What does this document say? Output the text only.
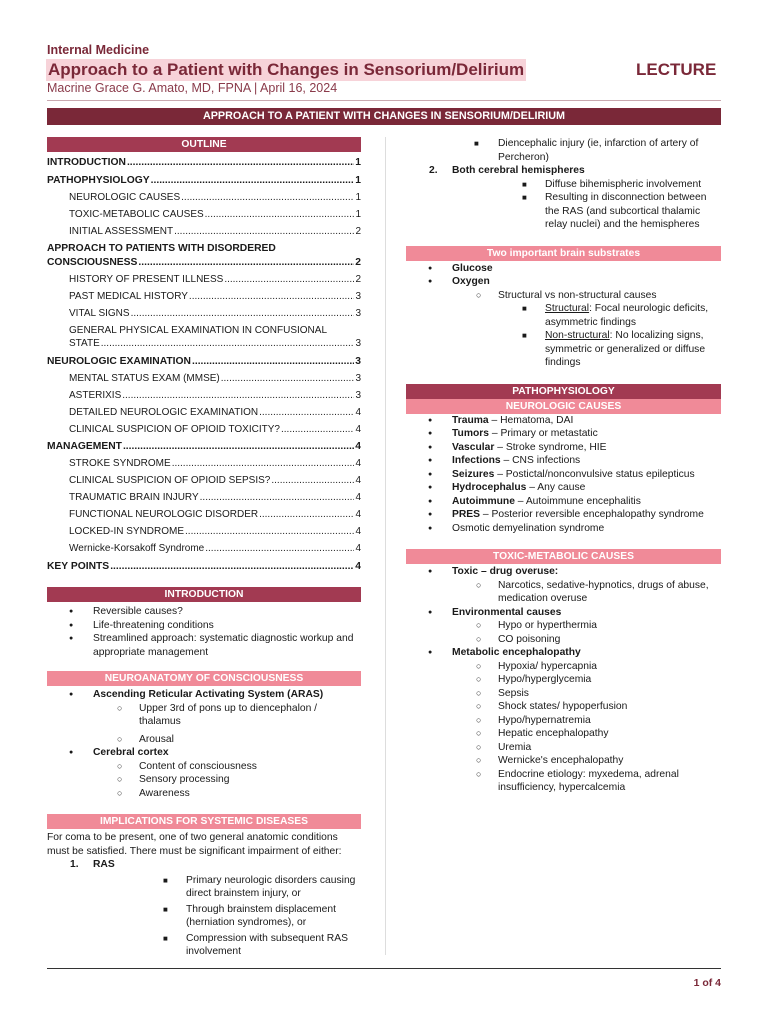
Internal Medicine
Approach to a Patient with Changes in Sensorium/Delirium	LECTURE
Macrine Grace G. Amato, MD, FPNA | April 16, 2024
APPROACH TO A PATIENT WITH CHANGES IN SENSORIUM/DELIRIUM
OUTLINE
INTRODUCTION .....	1
PATHOPHYSIOLOGY .....	1
NEUROLOGIC CAUSES .....	1
TOXIC-METABOLIC CAUSES .....	1
INITIAL ASSESSMENT .....	2
APPROACH TO PATIENTS WITH DISORDERED
CONSCIOUSNESS .....	2
HISTORY OF PRESENT ILLNESS .....	2
PAST MEDICAL HISTORY .....	3
VITAL SIGNS .....	3
GENERAL PHYSICAL EXAMINATION IN CONFUSIONAL
STATE .....	3
NEUROLOGIC EXAMINATION .....	3
MENTAL STATUS EXAM (MMSE) .....	3
ASTERIXIS .....	3
DETAILED NEUROLOGIC EXAMINATION .....	4
CLINICAL SUSPICION OF OPIOID TOXICITY? .....	4
MANAGEMENT .....	4
STROKE SYNDROME .....	4
CLINICAL SUSPICION OF OPIOID SEPSIS? .....	4
TRAUMATIC BRAIN INJURY .....	4
FUNCTIONAL NEUROLOGIC DISORDER .....	4
LOCKED-IN SYNDROME .....	4
Wernicke-Korsakoff Syndrome .....	4
KEY POINTS .....	4
INTRODUCTION
● Reversible causes?
● Life-threatening conditions
● Streamlined approach: systematic diagnostic workup and appropriate management
NEUROANATOMY OF CONSCIOUSNESS
● Ascending Reticular Activating System (ARAS)
○ Upper 3rd of pons up to diencephalon / thalamus
○ Arousal
● Cerebral cortex
○ Content of consciousness
○ Sensory processing
○ Awareness
IMPLICATIONS FOR SYSTEMIC DISEASES
For coma to be present, one of two general anatomic conditions must be satisfied. There must be significant impairment of either:
1. RAS
■ Primary neurologic disorders causing direct brainstem injury, or
■ Through brainstem displacement (herniation syndromes), or
■ Compression with subsequent RAS involvement
■ Diencephalic injury (ie, infarction of artery of Percheron)
2. Both cerebral hemispheres
■ Diffuse bihemispheric involvement
■ Resulting in disconnection between the RAS (and subcortical thalamic relay nuclei) and the hemispheres
Two important brain substrates
● Glucose
● Oxygen
○ Structural vs non-structural causes
■ Structural: Focal neurologic deficits, asymmetric findings
■ Non-structural: No localizing signs, symmetric or generalized or diffuse findings
PATHOPHYSIOLOGY
NEUROLOGIC CAUSES
● Trauma – Hematoma, DAI
● Tumors – Primary or metastatic
● Vascular – Stroke syndrome, HIE
● Infections – CNS infections
● Seizures – Postictal/nonconvulsive status epilepticus
● Hydrocephalus – Any cause
● Autoimmune – Autoimmune encephalitis
● PRES – Posterior reversible encephalopathy syndrome
● Osmotic demyelination syndrome
TOXIC-METABOLIC CAUSES
● Toxic – drug overuse:
○ Narcotics, sedative-hypnotics, drugs of abuse, medication overuse
● Environmental causes
○ Hypo or hyperthermia
○ CO poisoning
● Metabolic encephalopathy
○ Hypoxia/ hypercapnia
○ Hypo/hyperglycemia
○ Sepsis
○ Shock states/ hypoperfusion
○ Hypo/hypernatremia
○ Hepatic encephalopathy
○ Uremia
○ Wernicke's encephalopathy
○ Endocrine etiology: myxedema, adrenal insufficiency, hypercalcemia
1 of 4
